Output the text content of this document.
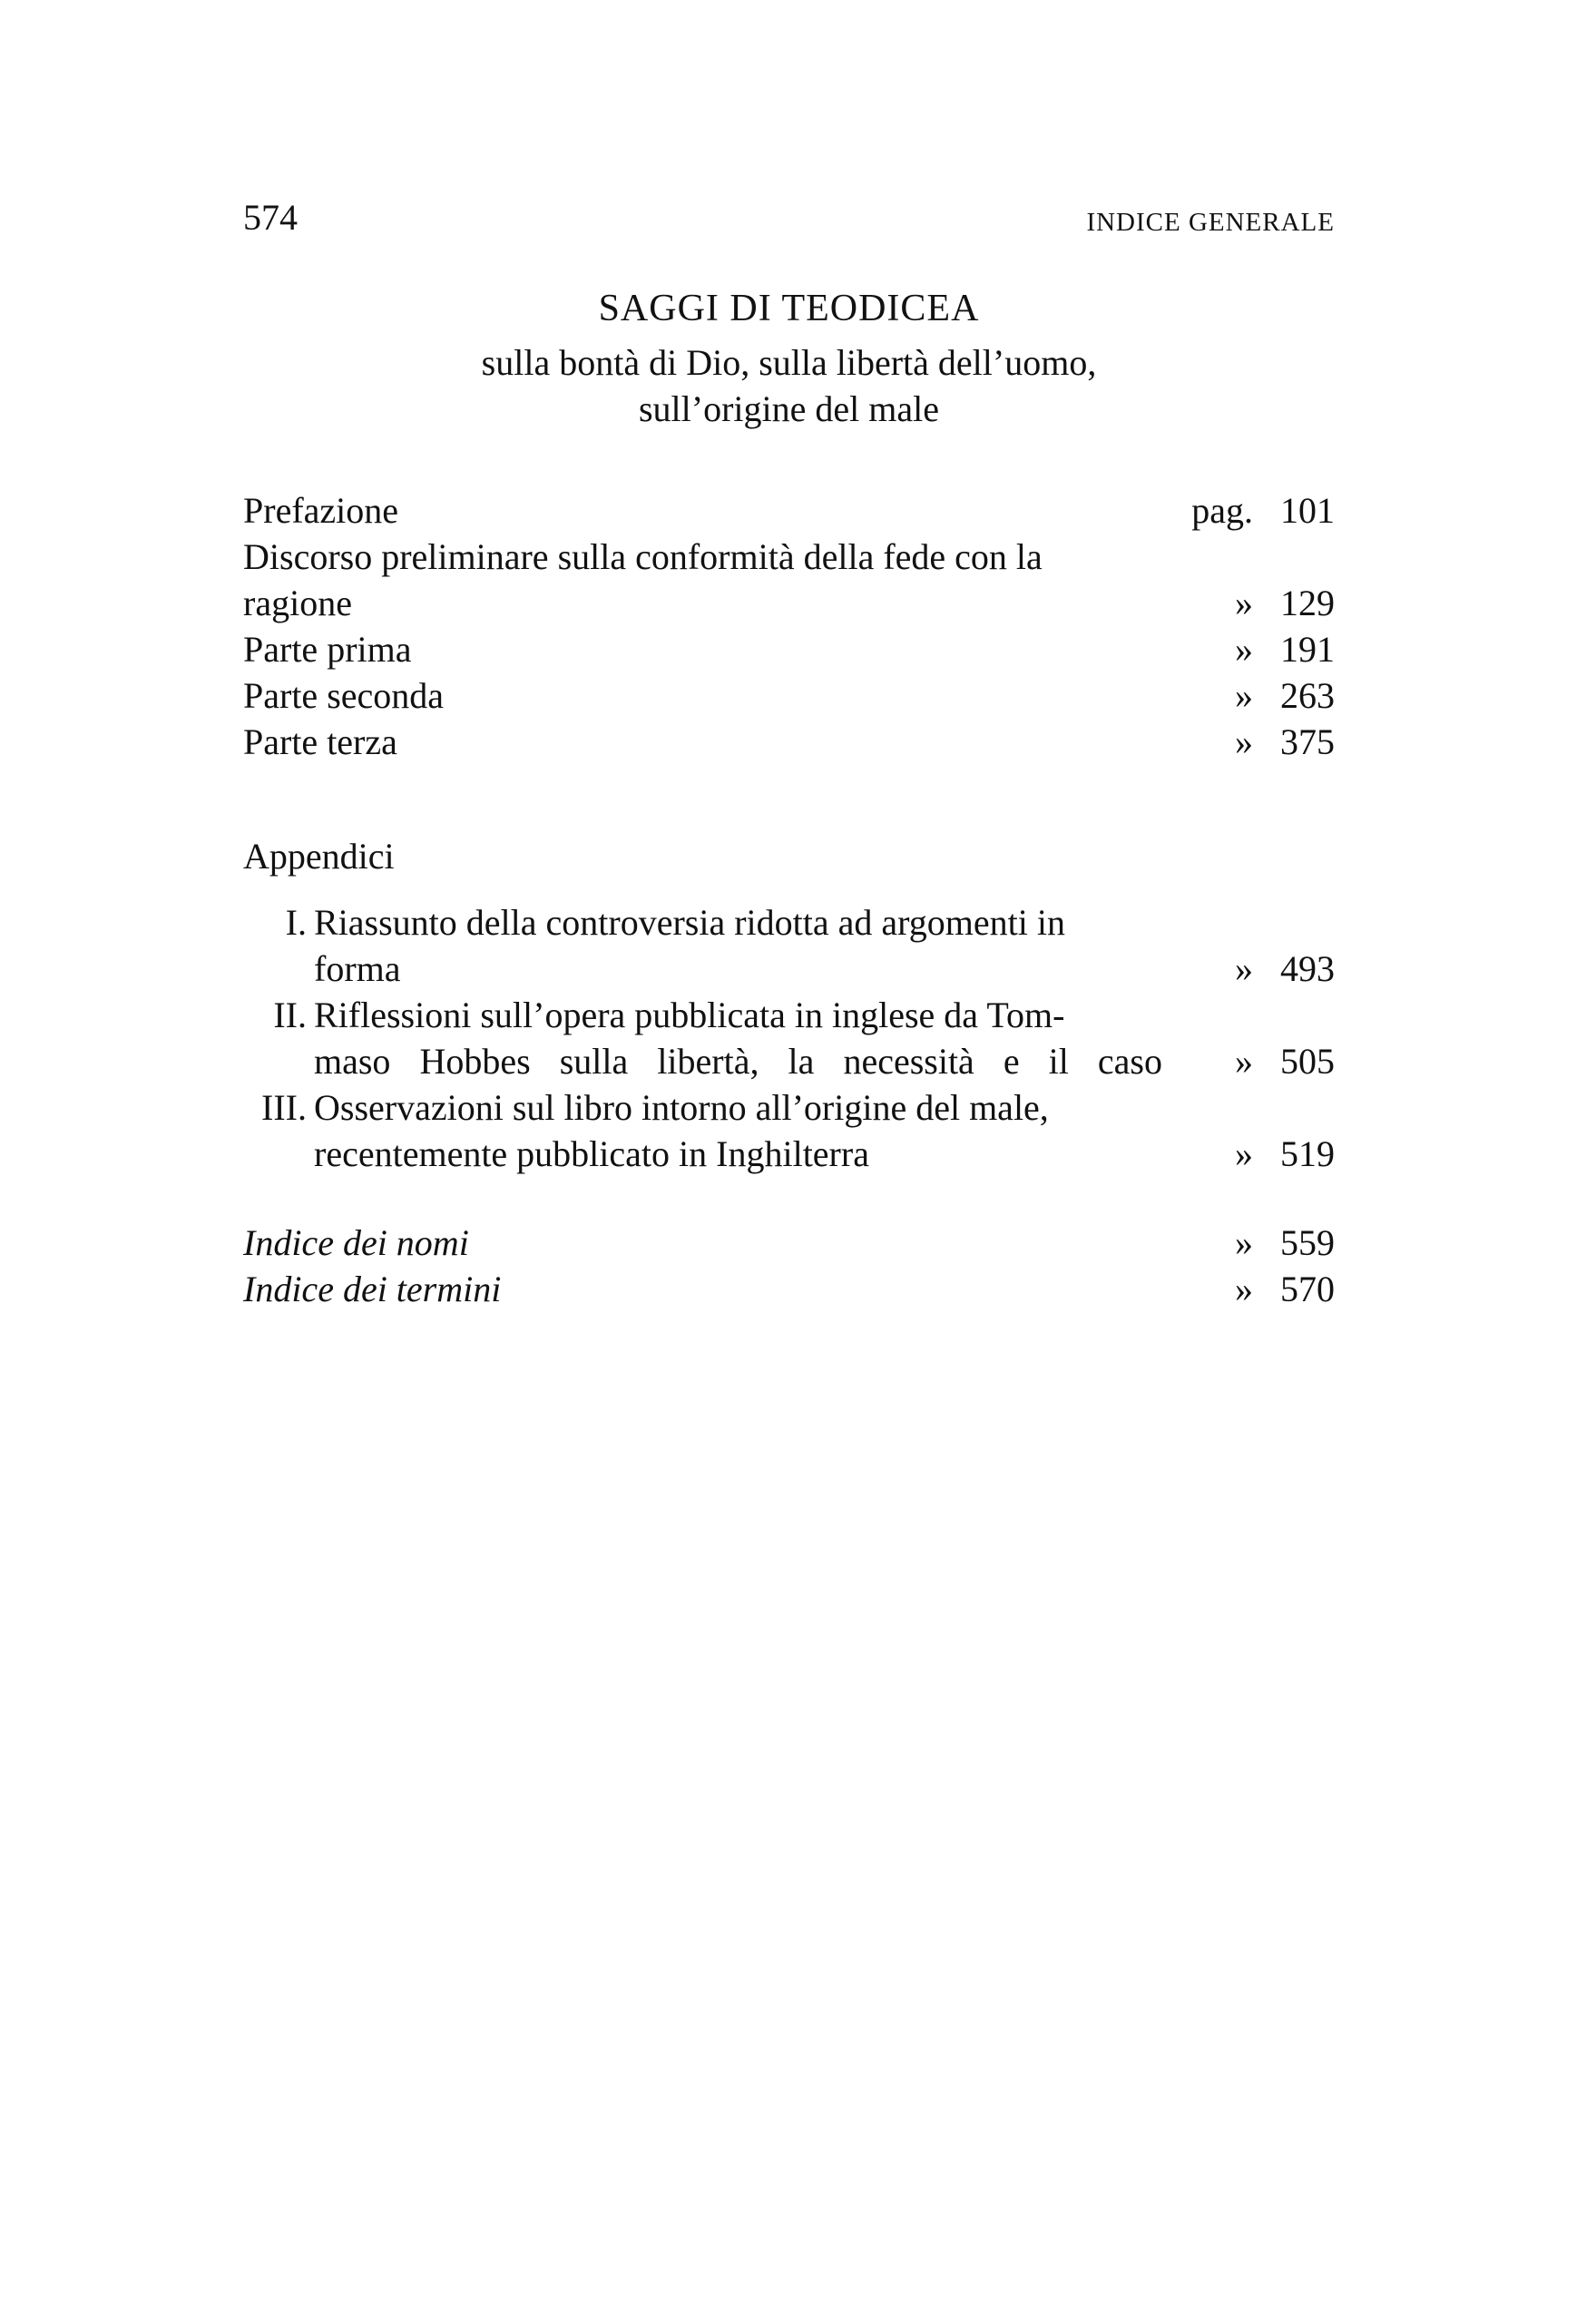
574	INDICE GENERALE
SAGGI DI TEODICEA
sulla bontà di Dio, sulla libertà dell’uomo,
sull’origine del male
Prefazione	pag. 101
Discorso preliminare sulla conformità della fede con la
ragione	» 129
Parte prima	» 191
Parte seconda	» 263
Parte terza	» 375
Appendici
I. Riassunto della controversia ridotta ad argomenti in
forma	» 493
II. Riflessioni sull’opera pubblicata in inglese da Tom-
maso Hobbes sulla libertà, la necessità e il caso » 505
III. Osservazioni sul libro intorno all’origine del male,
recentemente pubblicato in Inghilterra	» 519
Indice dei nomi	» 559
Indice dei termini	» 570
